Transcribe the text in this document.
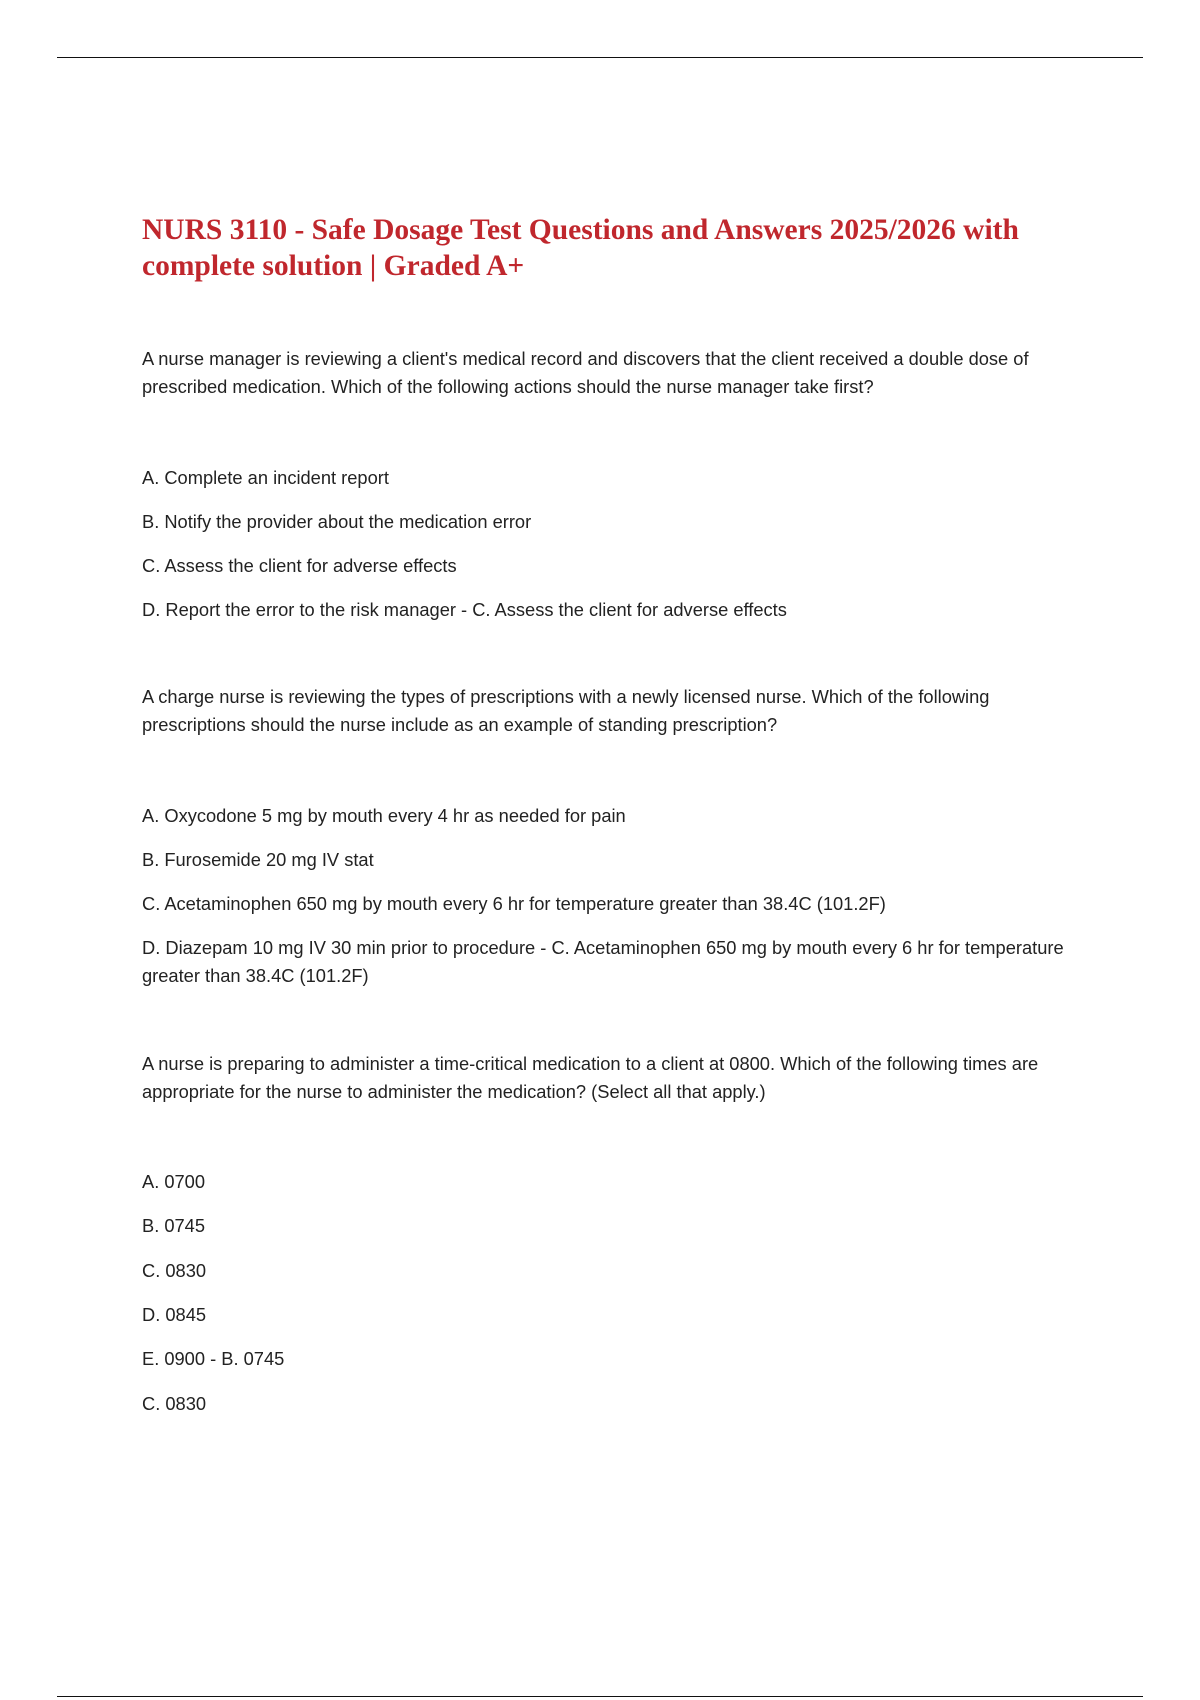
NURS 3110 - Safe Dosage Test Questions and Answers 2025/2026 with complete solution | Graded A+

A nurse manager is reviewing a client's medical record and discovers that the client received a double dose of prescribed medication. Which of the following actions should the nurse manager take first?

A. Complete an incident report

B. Notify the provider about the medication error

C. Assess the client for adverse effects

D. Report the error to the risk manager - C. Assess the client for adverse effects

A charge nurse is reviewing the types of prescriptions with a newly licensed nurse. Which of the following prescriptions should the nurse include as an example of standing prescription?

A. Oxycodone 5 mg by mouth every 4 hr as needed for pain

B. Furosemide 20 mg IV stat

C. Acetaminophen 650 mg by mouth every 6 hr for temperature greater than 38.4C (101.2F)

D. Diazepam 10 mg IV 30 min prior to procedure - C. Acetaminophen 650 mg by mouth every 6 hr for temperature greater than 38.4C (101.2F)

A nurse is preparing to administer a time-critical medication to a client at 0800. Which of the following times are appropriate for the nurse to administer the medication? (Select all that apply.)

A. 0700

B. 0745

C. 0830

D. 0845

E. 0900 - B. 0745

C. 0830
